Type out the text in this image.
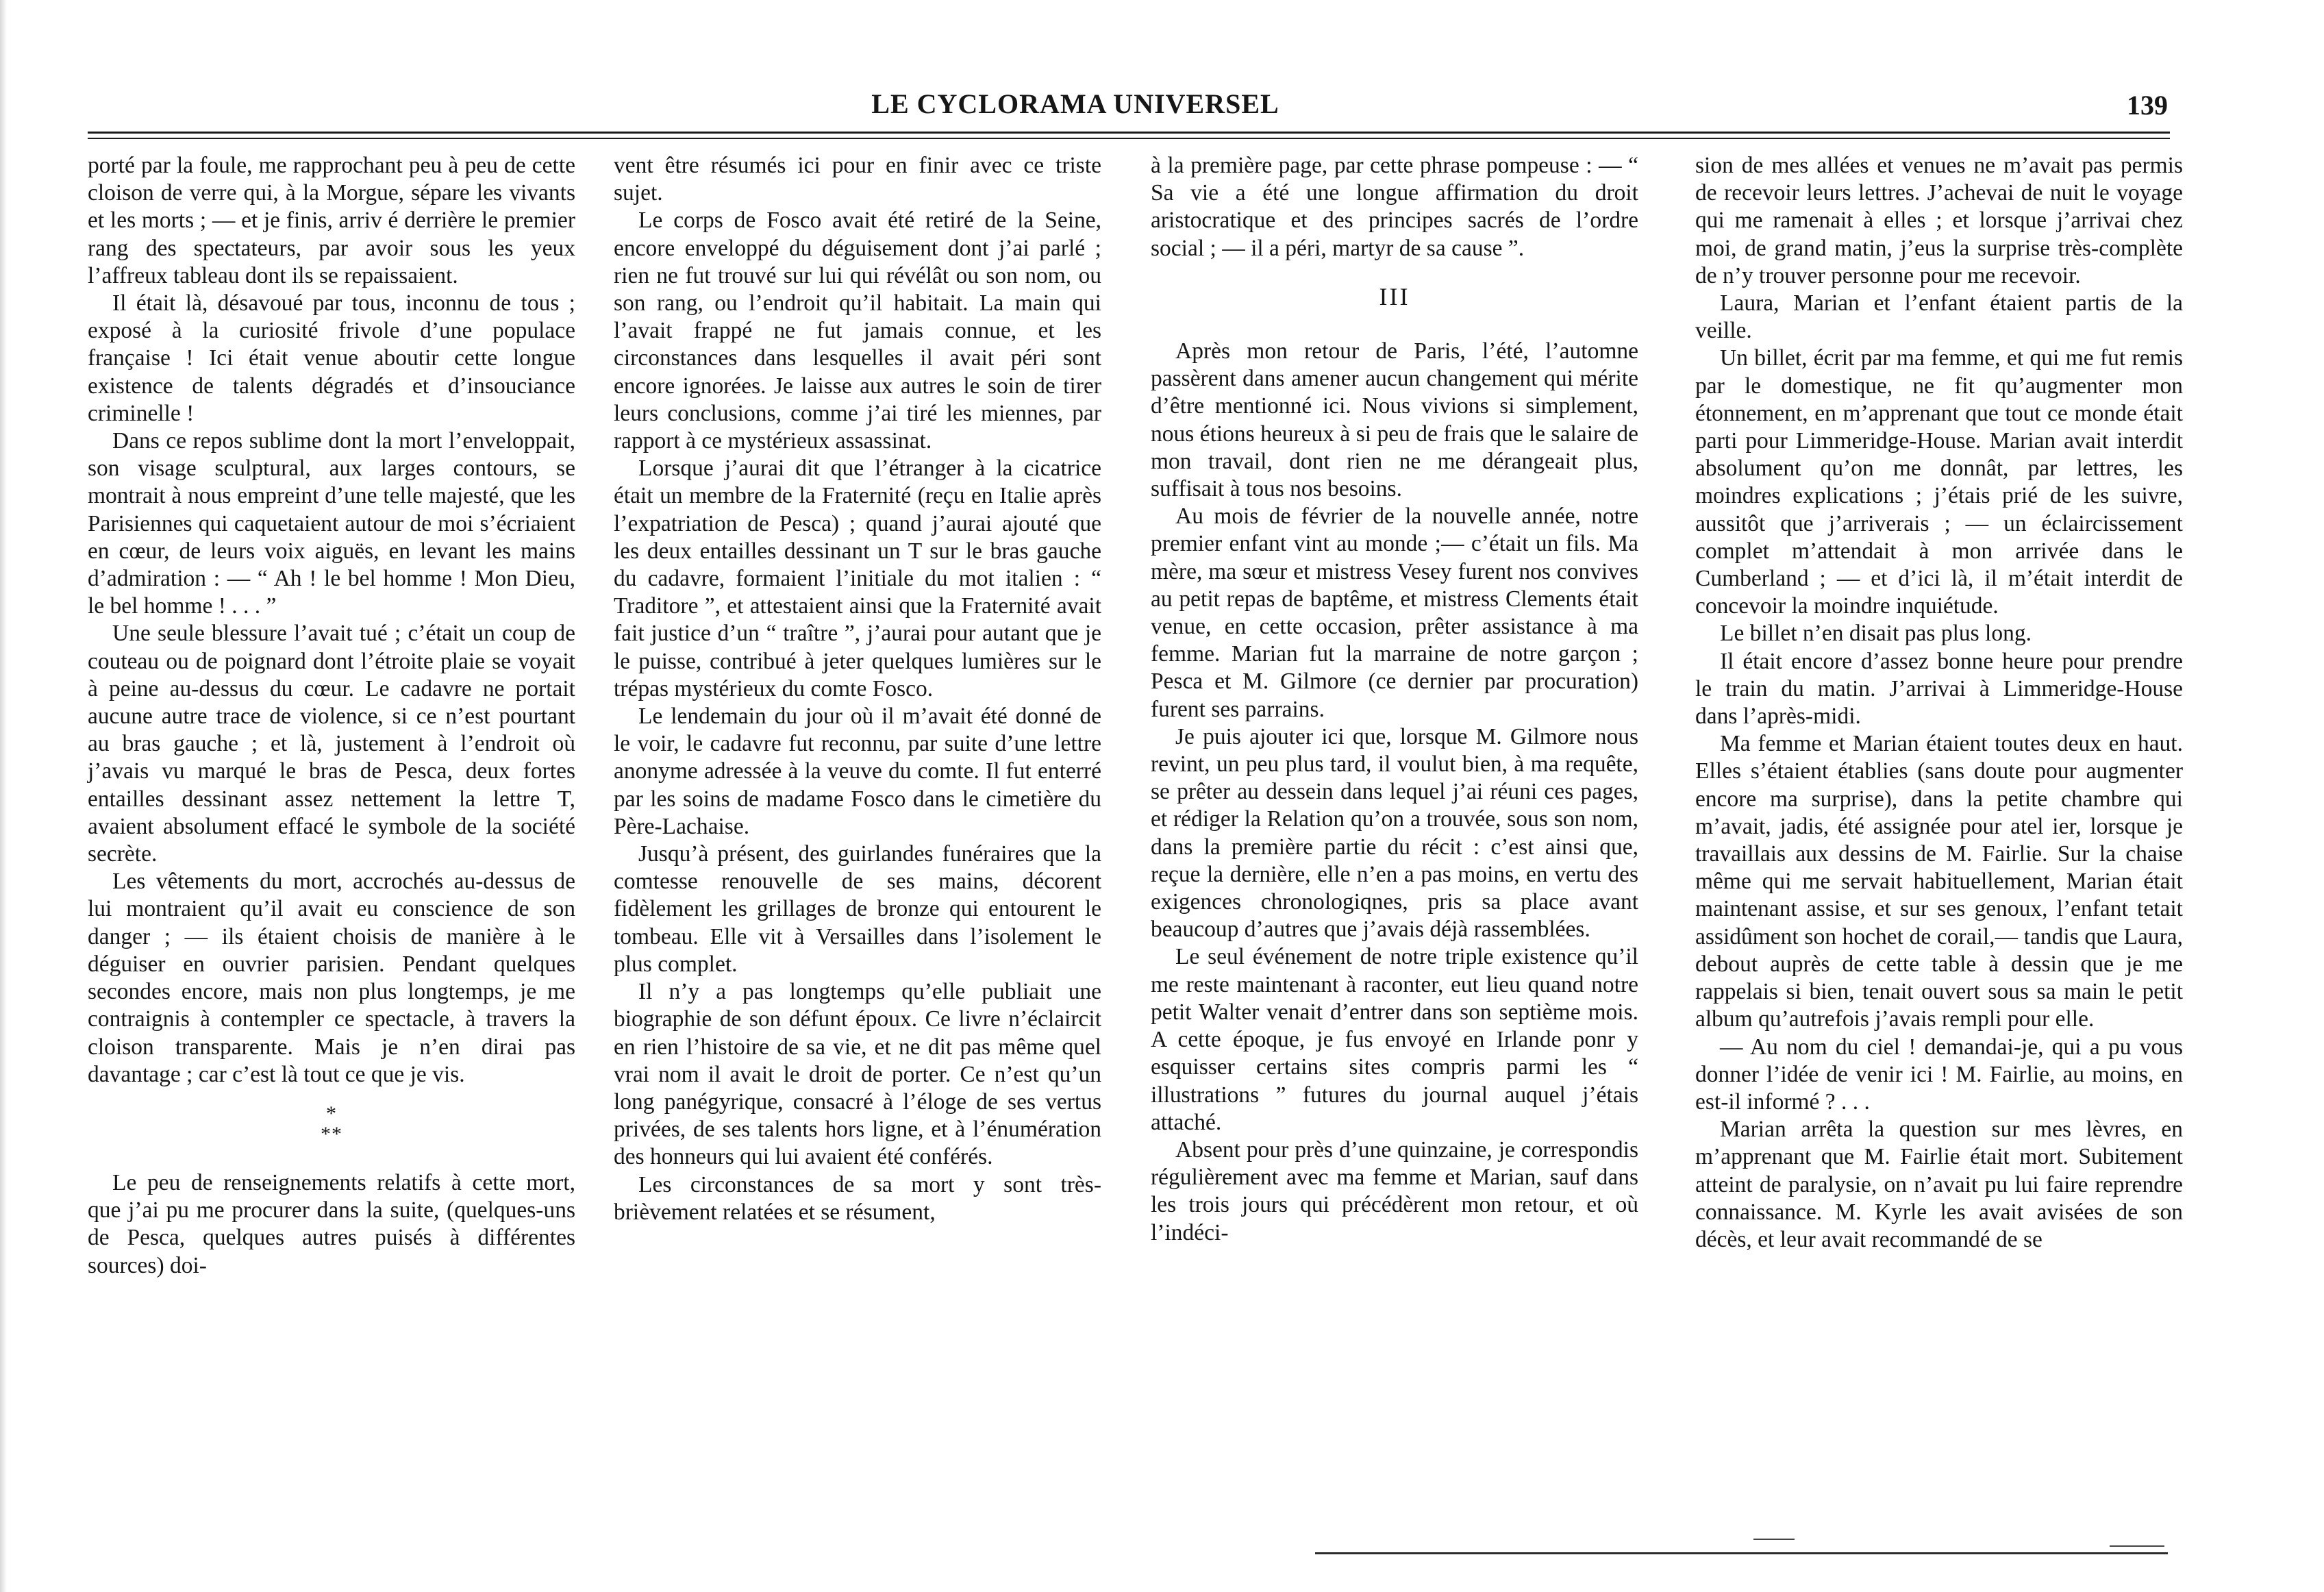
LE CYCLORAMA UNIVERSEL	139

porté par la foule, me rapprochant peu à peu de cette cloison de verre qui, à la Morgue, sépare les vivants et les morts ; — et je finis, arriv é derrière le premier rang des spectateurs, par avoir sous les yeux l’affreux tableau dont ils se repaissaient.

Il était là, désavoué par tous, inconnu de tous ; exposé à la curiosité frivole d’une populace française ! Ici était venue aboutir cette longue existence de talents dégradés et d’insouciance criminelle !

Dans ce repos sublime dont la mort l’enveloppait, son visage sculptural, aux larges contours, se montrait à nous empreint d’une telle majesté, que les Parisiennes qui caquetaient autour de moi s’écriaient en cœur, de leurs voix aiguës, en levant les mains d’admiration : — “ Ah ! le bel homme ! Mon Dieu, le bel homme ! . . . ”

Une seule blessure l’avait tué ; c’était un coup de couteau ou de poignard dont l’étroite plaie se voyait à peine au-dessus du cœur. Le cadavre ne portait aucune autre trace de violence, si ce n’est pourtant au bras gauche ; et là, justement à l’endroit où j’avais vu marqué le bras de Pesca, deux fortes entailles dessinant assez nettement la lettre T, avaient absolument effacé le symbole de la société secrète.

Les vêtements du mort, accrochés au-dessus de lui montraient qu’il avait eu conscience de son danger ; — ils étaient choisis de manière à le déguiser en ouvrier parisien. Pendant quelques secondes encore, mais non plus longtemps, je me contraignis à contempler ce spectacle, à travers la cloison transparente. Mais je n’en dirai pas davantage ; car c’est là tout ce que je vis.

*
**

Le peu de renseignements relatifs à cette mort, que j’ai pu me procurer dans la suite, (quelques-uns de Pesca, quelques autres puisés à différentes sources) doi-

vent être résumés ici pour en finir avec ce triste sujet.

Le corps de Fosco avait été retiré de la Seine, encore enveloppé du déguisement dont j’ai parlé ; rien ne fut trouvé sur lui qui révélât ou son nom, ou son rang, ou l’endroit qu’il habitait. La main qui l’avait frappé ne fut jamais connue, et les circonstances dans lesquelles il avait péri sont encore ignorées. Je laisse aux autres le soin de tirer leurs conclusions, comme j’ai tiré les miennes, par rapport à ce mystérieux assassinat.

Lorsque j’aurai dit que l’étranger à la cicatrice était un membre de la Fraternité (reçu en Italie après l’expatriation de Pesca) ; quand j’aurai ajouté que les deux entailles dessinant un T sur le bras gauche du cadavre, formaient l’initiale du mot italien : “ Traditore ”, et attestaient ainsi que la Fraternité avait fait justice d’un “ traître ”, j’aurai pour autant que je le puisse, contribué à jeter quelques lumières sur le trépas mystérieux du comte Fosco.

Le lendemain du jour où il m’avait été donné de le voir, le cadavre fut reconnu, par suite d’une lettre anonyme adressée à la veuve du comte. Il fut enterré par les soins de madame Fosco dans le cimetière du Père-Lachaise.

Jusqu’à présent, des guirlandes funéraires que la comtesse renouvelle de ses mains, décorent fidèlement les grillages de bronze qui entourent le tombeau. Elle vit à Versailles dans l’isolement le plus complet.

Il n’y a pas longtemps qu’elle publiait une biographie de son défunt époux. Ce livre n’éclaircit en rien l’histoire de sa vie, et ne dit pas même quel vrai nom il avait le droit de porter. Ce n’est qu’un long panégyrique, consacré à l’éloge de ses vertus privées, de ses talents hors ligne, et à l’énumération des honneurs qui lui avaient été conférés.

Les circonstances de sa mort y sont très-brièvement relatées et se résument,

à la première page, par cette phrase pompeuse : — “ Sa vie a été une longue affirmation du droit aristocratique et des principes sacrés de l’ordre social ; — il a péri, martyr de sa cause ”.

III

Après mon retour de Paris, l’été, l’automne passèrent dans amener aucun changement qui mérite d’être mentionné ici. Nous vivions si simplement, nous étions heureux à si peu de frais que le salaire de mon travail, dont rien ne me dérangeait plus, suffisait à tous nos besoins.

Au mois de février de la nouvelle année, notre premier enfant vint au monde ;— c’était un fils. Ma mère, ma sœur et mistress Vesey furent nos convives au petit repas de baptême, et mistress Clements était venue, en cette occasion, prêter assistance à ma femme. Marian fut la marraine de notre garçon ; Pesca et M. Gilmore (ce dernier par procuration) furent ses parrains.

Je puis ajouter ici que, lorsque M. Gilmore nous revint, un peu plus tard, il voulut bien, à ma requête, se prêter au dessein dans lequel j’ai réuni ces pages, et rédiger la Relation qu’on a trouvée, sous son nom, dans la première partie du récit : c’est ainsi que, reçue la dernière, elle n’en a pas moins, en vertu des exigences chronologiqnes, pris sa place avant beaucoup d’autres que j’avais déjà rassemblées.

Le seul événement de notre triple existence qu’il me reste maintenant à raconter, eut lieu quand notre petit Walter venait d’entrer dans son septième mois. A cette époque, je fus envoyé en Irlande ponr y esquisser certains sites compris parmi les “ illustrations ” futures du journal auquel j’étais attaché.

Absent pour près d’une quinzaine, je correspondis régulièrement avec ma femme et Marian, sauf dans les trois jours qui précédèrent mon retour, et où l’indéci-

sion de mes allées et venues ne m’avait pas permis de recevoir leurs lettres. J’achevai de nuit le voyage qui me ramenait à elles ; et lorsque j’arrivai chez moi, de grand matin, j’eus la surprise très-complète de n’y trouver personne pour me recevoir.

Laura, Marian et l’enfant étaient partis de la veille.

Un billet, écrit par ma femme, et qui me fut remis par le domestique, ne fit qu’augmenter mon étonnement, en m’apprenant que tout ce monde était parti pour Limmeridge-House. Marian avait interdit absolument qu’on me donnât, par lettres, les moindres explications ; j’étais prié de les suivre, aussitôt que j’arriverais ; — un éclaircissement complet m’attendait à mon arrivée dans le Cumberland ; — et d’ici là, il m’était interdit de concevoir la moindre inquiétude.

Le billet n’en disait pas plus long.

Il était encore d’assez bonne heure pour prendre le train du matin. J’arrivai à Limmeridge-House dans l’après-midi.

Ma femme et Marian étaient toutes deux en haut. Elles s’étaient établies (sans doute pour augmenter encore ma surprise), dans la petite chambre qui m’avait, jadis, été assignée pour atel ier, lorsque je travaillais aux dessins de M. Fairlie. Sur la chaise même qui me servait habituellement, Marian était maintenant assise, et sur ses genoux, l’enfant tetait assidûment son hochet de corail,— tandis que Laura, debout auprès de cette table à dessin que je me rappelais si bien, tenait ouvert sous sa main le petit album qu’autrefois j’avais rempli pour elle.

— Au nom du ciel ! demandai-je, qui a pu vous donner l’idée de venir ici ! M. Fairlie, au moins, en est-il informé ? . . .

Marian arrêta la question sur mes lèvres, en m’apprenant que M. Fairlie était mort. Subitement atteint de paralysie, on n’avait pu lui faire reprendre connaissance. M. Kyrle les avait avisées de son décès, et leur avait recommandé de se
